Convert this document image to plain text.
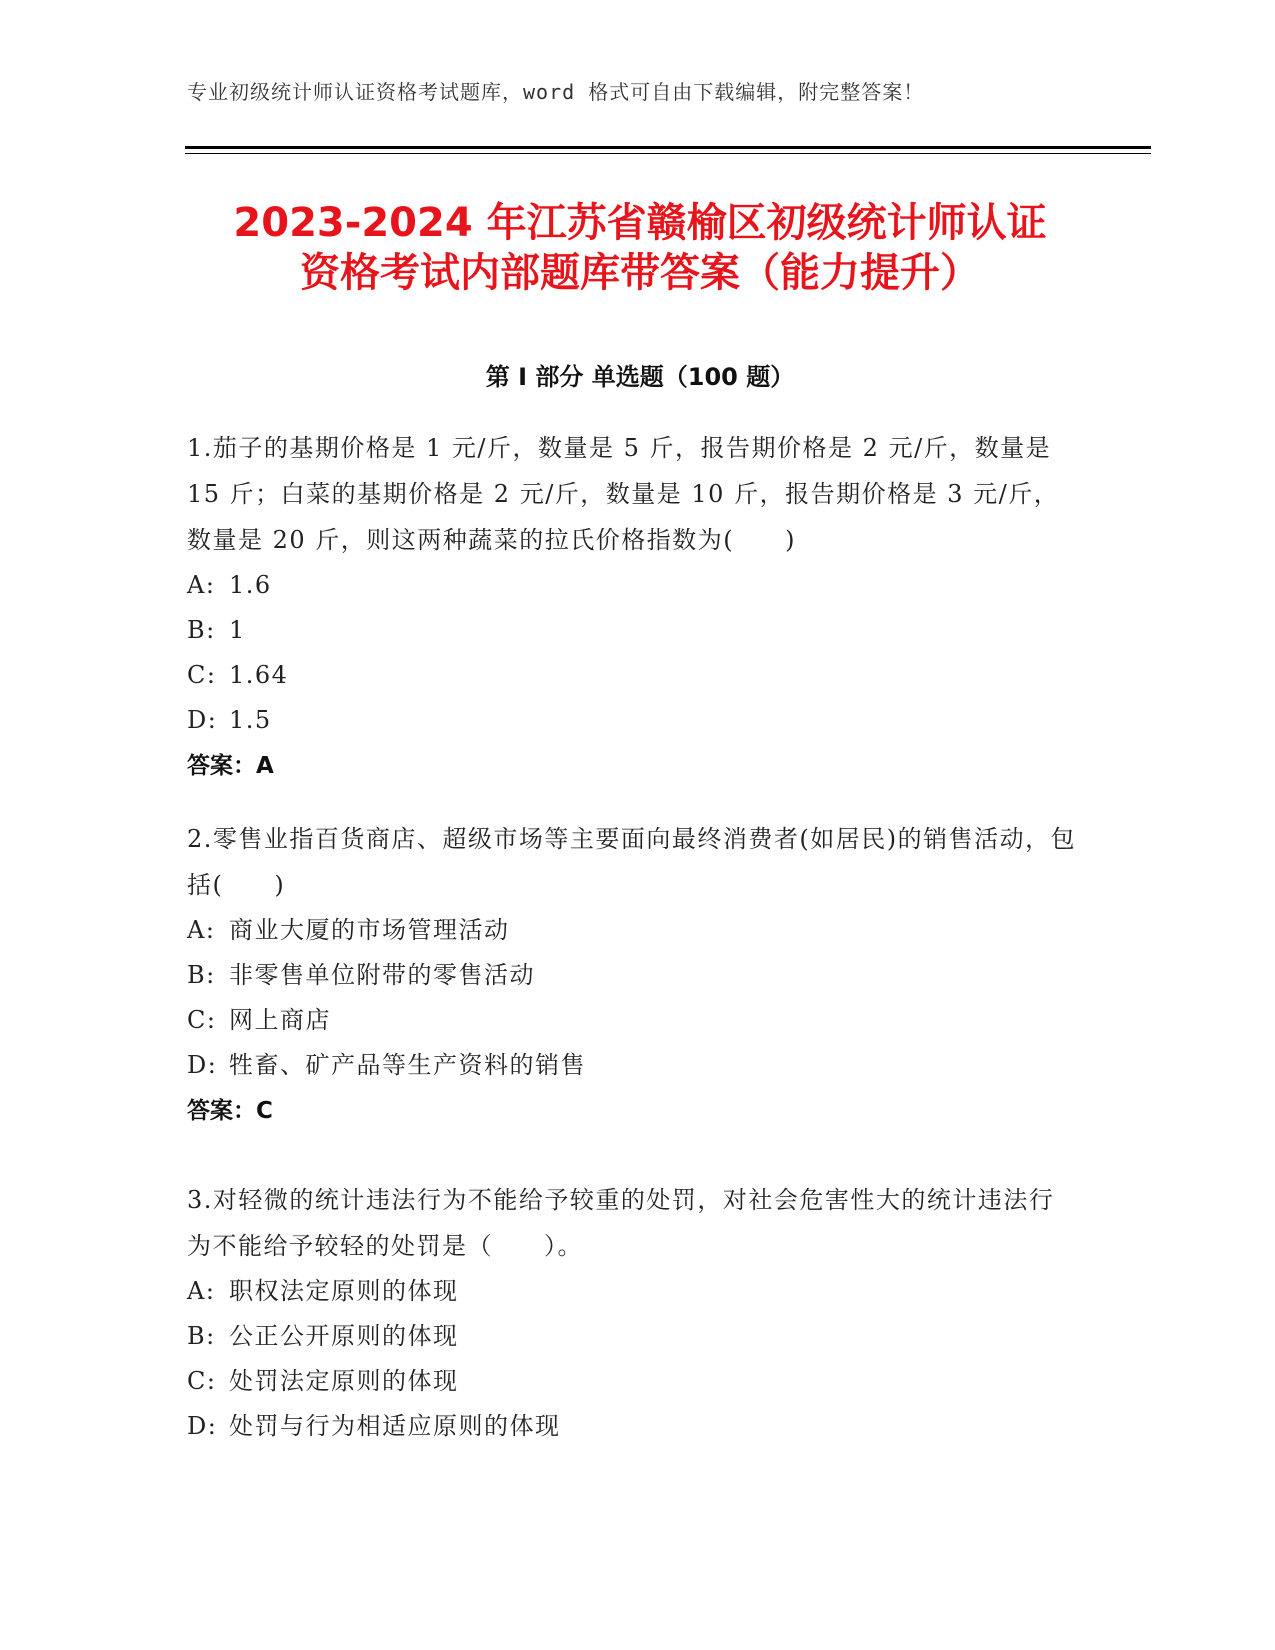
专业初级统计师认证资格考试题库，word 格式可自由下载编辑，附完整答案！
2023-2024 年江苏省赣榆区初级统计师认证
资格考试内部题库带答案（能力提升）
第 I 部分 单选题（100 题）

1.茄子的基期价格是 1 元/斤，数量是 5 斤，报告期价格是 2 元/斤，数量是 15 斤；白菜的基期价格是 2 元/斤，数量是 10 斤，报告期价格是 3 元/斤，数量是 20 斤，则这两种蔬菜的拉氏价格指数为(　　)

A: 1.6

B: 1

C: 1.64

D: 1.5

答案：A

2.零售业指百货商店、超级市场等主要面向最终消费者(如居民)的销售活动，包括(　　)

A: 商业大厦的市场管理活动

B: 非零售单位附带的零售活动

C: 网上商店

D: 牲畜、矿产品等生产资料的销售

答案：C

3.对轻微的统计违法行为不能给予较重的处罚，对社会危害性大的统计违法行为不能给予较轻的处罚是（　　）。

A: 职权法定原则的体现

B: 公正公开原则的体现

C: 处罚法定原则的体现

D: 处罚与行为相适应原则的体现
